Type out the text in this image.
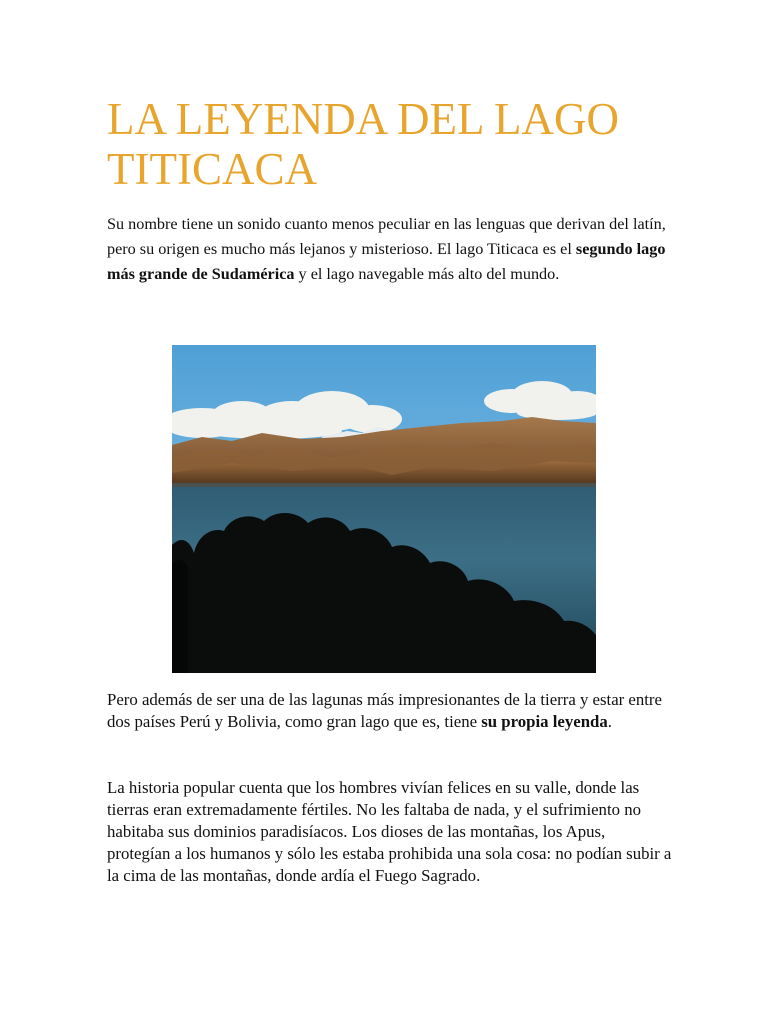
LA LEYENDA DEL LAGO TITICACA

Su nombre tiene un sonido cuanto menos peculiar en las lenguas que derivan del latín, pero su origen es mucho más lejanos y misterioso. El lago Titicaca es el segundo lago más grande de Sudamérica y el lago navegable más alto del mundo.

Pero además de ser una de las lagunas más impresionantes de la tierra y estar entre dos países Perú y Bolivia, como gran lago que es, tiene su propia leyenda.

La historia popular cuenta que los hombres vivían felices en su valle, donde las tierras eran extremadamente fértiles. No les faltaba de nada, y el sufrimiento no habitaba sus dominios paradisíacos. Los dioses de las montañas, los Apus, protegían a los humanos y sólo les estaba prohibida una sola cosa: no podían subir a la cima de las montañas, donde ardía el Fuego Sagrado.
